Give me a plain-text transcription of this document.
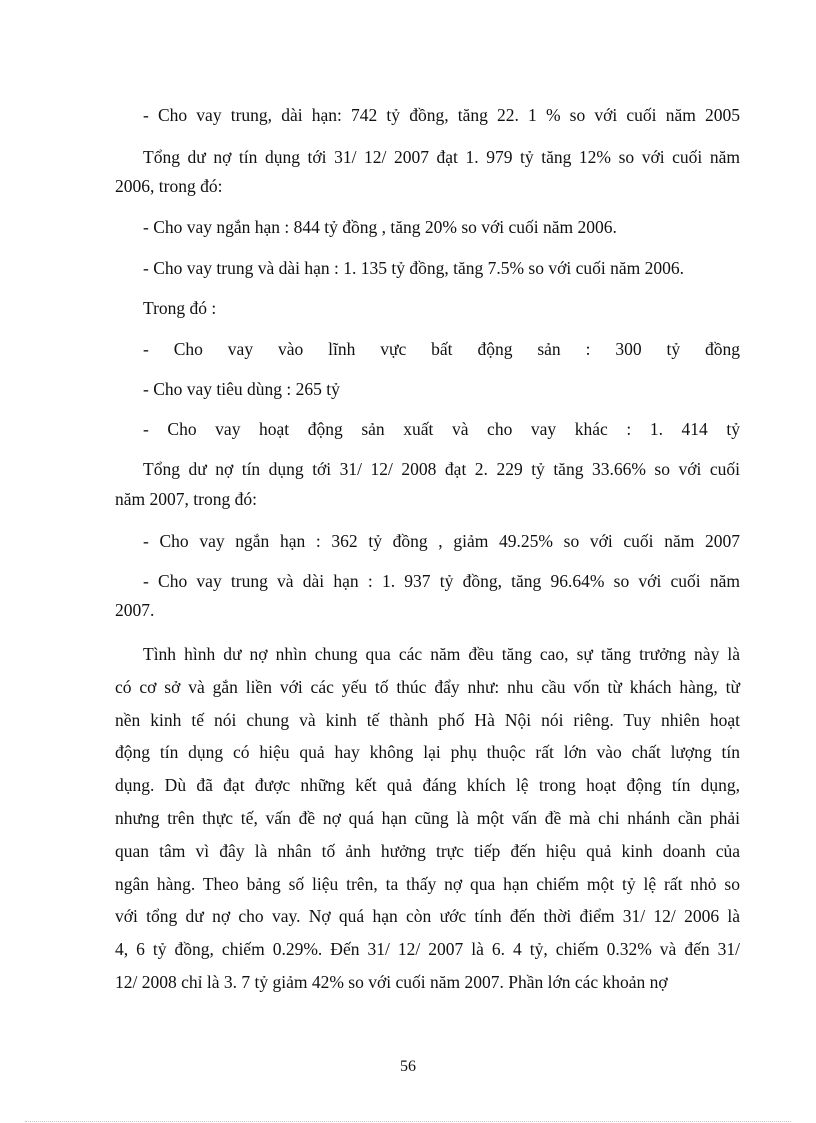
- Cho vay trung, dài hạn: 742 tỷ đồng, tăng 22. 1 % so với cuối năm 2005
Tổng dư nợ tín dụng tới 31/ 12/ 2007 đạt 1. 979 tỷ tăng 12% so với cuối năm
2006, trong đó:
- Cho vay ngắn hạn : 844 tỷ đồng , tăng 20% so với cuối năm 2006.
- Cho vay trung và dài hạn : 1. 135 tỷ đồng, tăng 7.5% so với cuối năm 2006.
Trong đó :
- Cho vay vào lĩnh vực bất động sản : 300 tỷ đồng
- Cho vay tiêu dùng : 265 tỷ
- Cho vay hoạt động sản xuất và cho vay khác : 1. 414 tỷ
Tổng dư nợ tín dụng tới 31/ 12/ 2008 đạt 2. 229 tỷ tăng 33.66% so với cuối
năm 2007, trong đó:
- Cho vay ngắn hạn : 362 tỷ đồng , giảm 49.25% so với cuối năm 2007
- Cho vay trung và dài hạn : 1. 937 tỷ đồng, tăng 96.64% so với cuối năm
2007.
Tình hình dư nợ nhìn chung qua các năm đều tăng cao, sự tăng trưởng này là
có cơ sở và gắn liền với các yếu tố thúc đẩy như: nhu cầu vốn từ khách hàng, từ
nền kinh tế nói chung và kinh tế thành phố Hà Nội nói riêng. Tuy nhiên hoạt
động tín dụng có hiệu quả hay không lại phụ thuộc rất lớn vào chất lượng tín
dụng. Dù đã đạt được những kết quả đáng khích lệ trong hoạt động tín dụng,
nhưng trên thực tế, vấn đề nợ quá hạn cũng là một vấn đề mà chi nhánh cần phải
quan tâm vì đây là nhân tố ảnh hưởng trực tiếp đến hiệu quả kinh doanh của
ngân hàng. Theo bảng số liệu trên, ta thấy nợ qua hạn chiếm một tỷ lệ rất nhỏ so
với tổng dư nợ cho vay. Nợ quá hạn còn ước tính đến thời điểm 31/ 12/ 2006 là
4, 6 tỷ đồng, chiếm 0.29%. Đến 31/ 12/ 2007 là 6. 4 tỷ, chiếm 0.32% và đến 31/
12/ 2008 chỉ là 3. 7 tỷ giảm 42% so với cuối năm 2007. Phần lớn các khoản nợ
56
